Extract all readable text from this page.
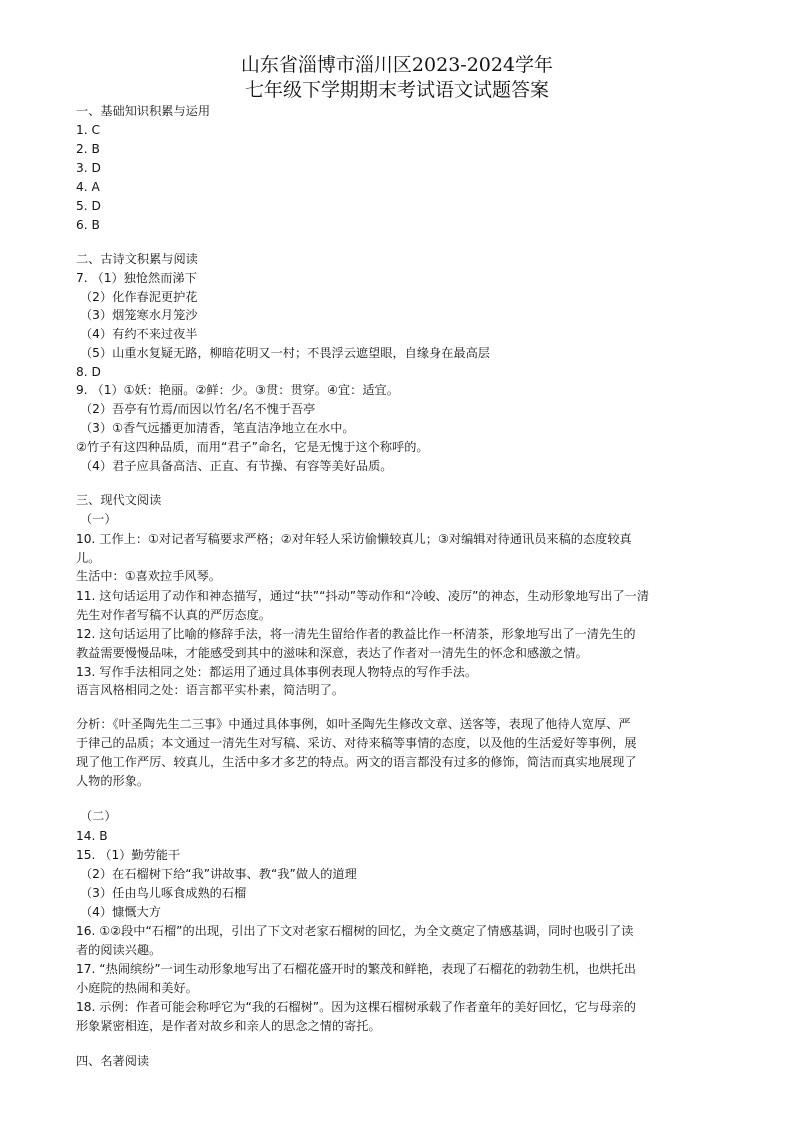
山东省淄博市淄川区2023-2024学年
七年级下学期期末考试语文试题答案
一、基础知识积累与运用
1. C
2. B
3. D
4. A
5. D
6. B
二、古诗文积累与阅读
7. （1）独怆然而涕下
（2）化作春泥更护花
（3）烟笼寒水月笼沙
（4）有约不来过夜半
（5）山重水复疑无路，柳暗花明又一村；不畏浮云遮望眼，自缘身在最高层
8. D
9. （1）①妖：艳丽。②鲜：少。③贯：贯穿。④宜：适宜。
（2）吾亭有竹焉/而因以竹名/名不愧于吾亭
（3）①香气远播更加清香，笔直洁净地立在水中。
②竹子有这四种品质，而用“君子”命名，它是无愧于这个称呼的。
（4）君子应具备高洁、正直、有节操、有容等美好品质。
三、现代文阅读
（一）
10. 工作上：①对记者写稿要求严格；②对年轻人采访偷懒较真儿；③对编辑对待通讯员来稿的态度较真
儿。
生活中：①喜欢拉手风琴。
11. 这句话运用了动作和神态描写，通过“扶”“抖动”等动作和“冷峻、凌厉”的神态，生动形象地写出了一清
先生对作者写稿不认真的严厉态度。
12. 这句话运用了比喻的修辞手法，将一清先生留给作者的教益比作一杯清茶，形象地写出了一清先生的
教益需要慢慢品味，才能感受到其中的滋味和深意，表达了作者对一清先生的怀念和感激之情。
13. 写作手法相同之处：都运用了通过具体事例表现人物特点的写作手法。
语言风格相同之处：语言都平实朴素，简洁明了。
分析：《叶圣陶先生二三事》中通过具体事例，如叶圣陶先生修改文章、送客等，表现了他待人宽厚、严
于律己的品质；本文通过一清先生对写稿、采访、对待来稿等事情的态度，以及他的生活爱好等事例，展
现了他工作严厉、较真儿，生活中多才多艺的特点。两文的语言都没有过多的修饰，简洁而真实地展现了
人物的形象。
（二）
14. B
15. （1）勤劳能干
（2）在石榴树下给“我”讲故事、教“我”做人的道理
（3）任由鸟儿啄食成熟的石榴
（4）慷慨大方
16. ①②段中“石榴”的出现，引出了下文对老家石榴树的回忆，为全文奠定了情感基调，同时也吸引了读
者的阅读兴趣。
17. “热闹缤纷”一词生动形象地写出了石榴花盛开时的繁茂和鲜艳，表现了石榴花的勃勃生机，也烘托出
小庭院的热闹和美好。
18. 示例：作者可能会称呼它为“我的石榴树”。因为这棵石榴树承载了作者童年的美好回忆，它与母亲的
形象紧密相连，是作者对故乡和亲人的思念之情的寄托。
四、名著阅读
